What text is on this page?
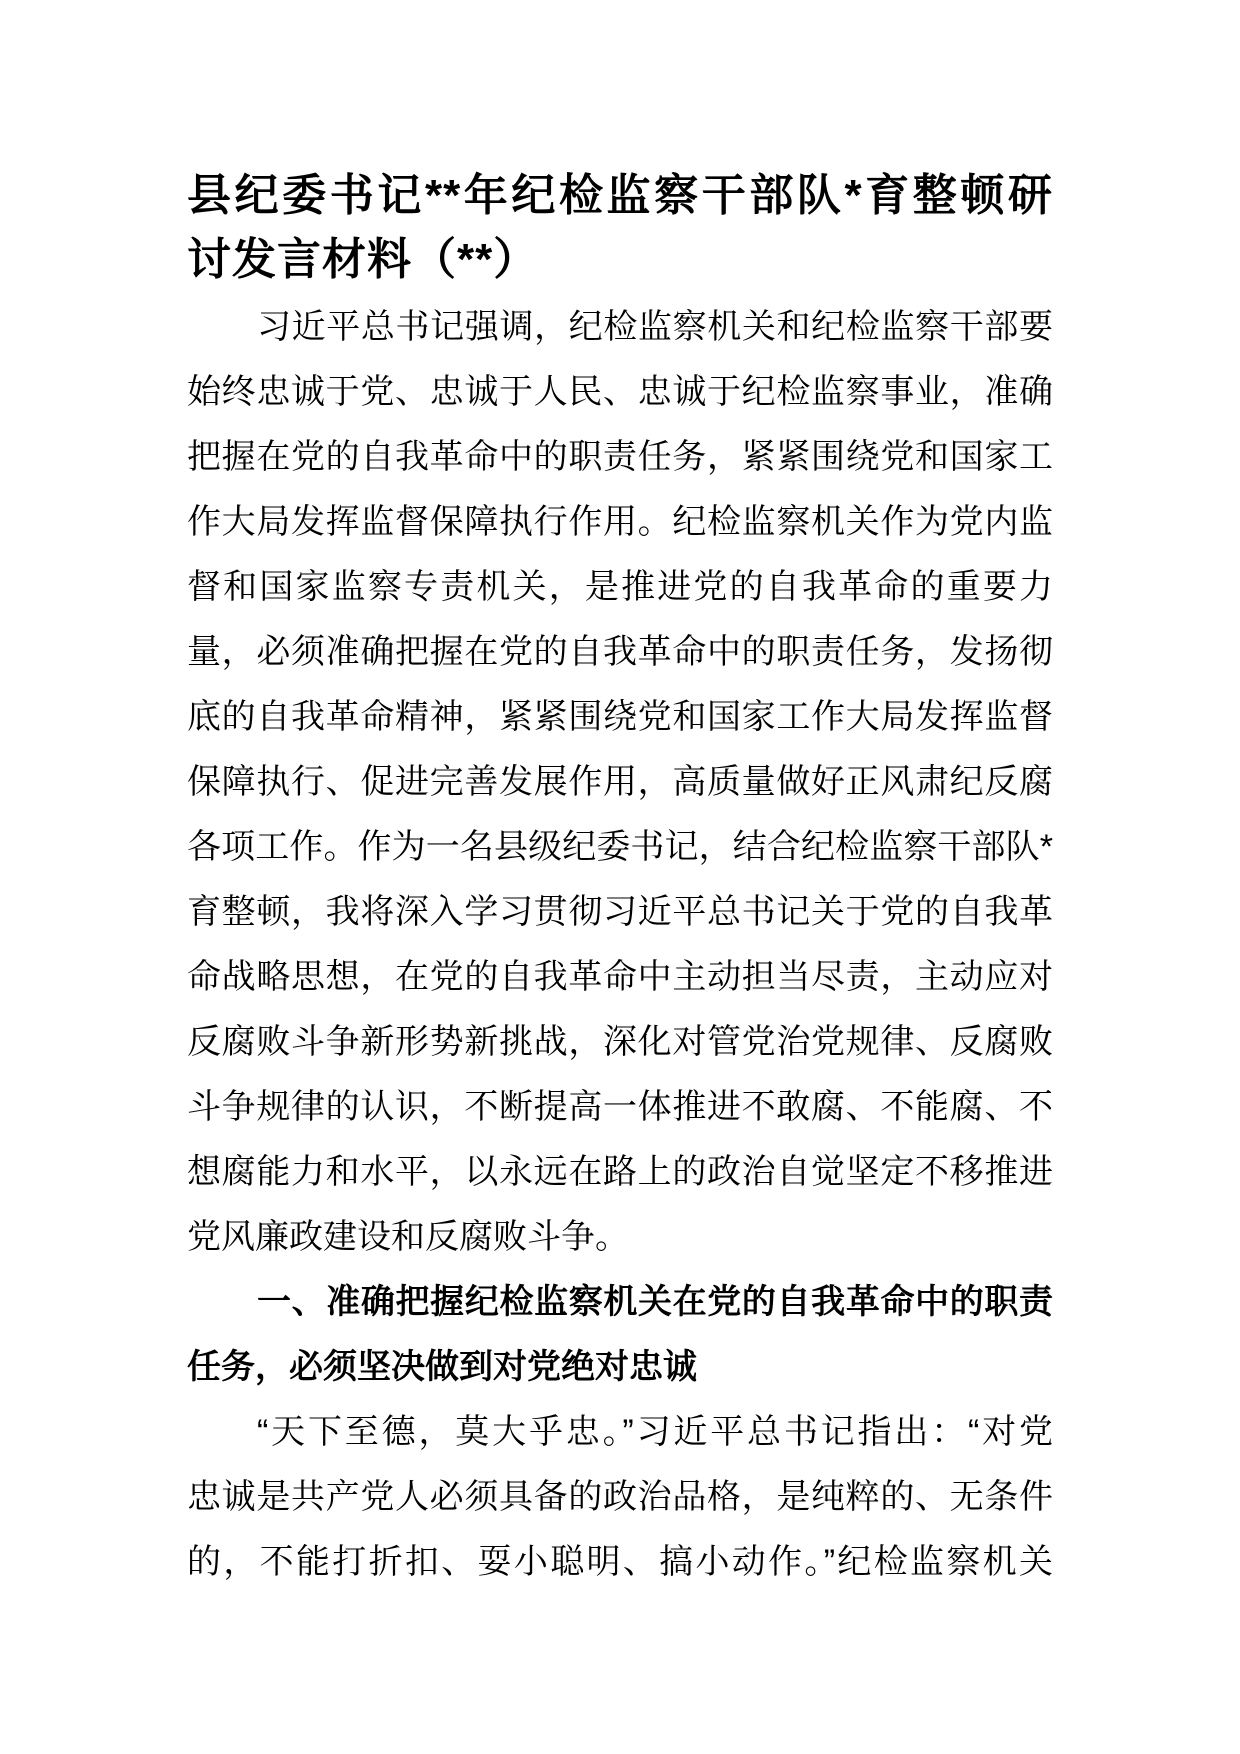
县纪委书记**年纪检监察干部队*育整顿研
讨发言材料（**）
习近平总书记强调，纪检监察机关和纪检监察干部要
始终忠诚于党、忠诚于人民、忠诚于纪检监察事业，准确
把握在党的自我革命中的职责任务，紧紧围绕党和国家工
作大局发挥监督保障执行作用。纪检监察机关作为党内监
督和国家监察专责机关，是推进党的自我革命的重要力
量，必须准确把握在党的自我革命中的职责任务，发扬彻
底的自我革命精神，紧紧围绕党和国家工作大局发挥监督
保障执行、促进完善发展作用，高质量做好正风肃纪反腐
各项工作。作为一名县级纪委书记，结合纪检监察干部队*
育整顿，我将深入学习贯彻习近平总书记关于党的自我革
命战略思想，在党的自我革命中主动担当尽责，主动应对
反腐败斗争新形势新挑战，深化对管党治党规律、反腐败
斗争规律的认识，不断提高一体推进不敢腐、不能腐、不
想腐能力和水平，以永远在路上的政治自觉坚定不移推进
党风廉政建设和反腐败斗争。
一、准确把握纪检监察机关在党的自我革命中的职责
任务，必须坚决做到对党绝对忠诚
“天下至德，莫大乎忠。”习近平总书记指出：“对党
忠诚是共产党人必须具备的政治品格，是纯粹的、无条件
的，不能打折扣、耍小聪明、搞小动作。”纪检监察机关
